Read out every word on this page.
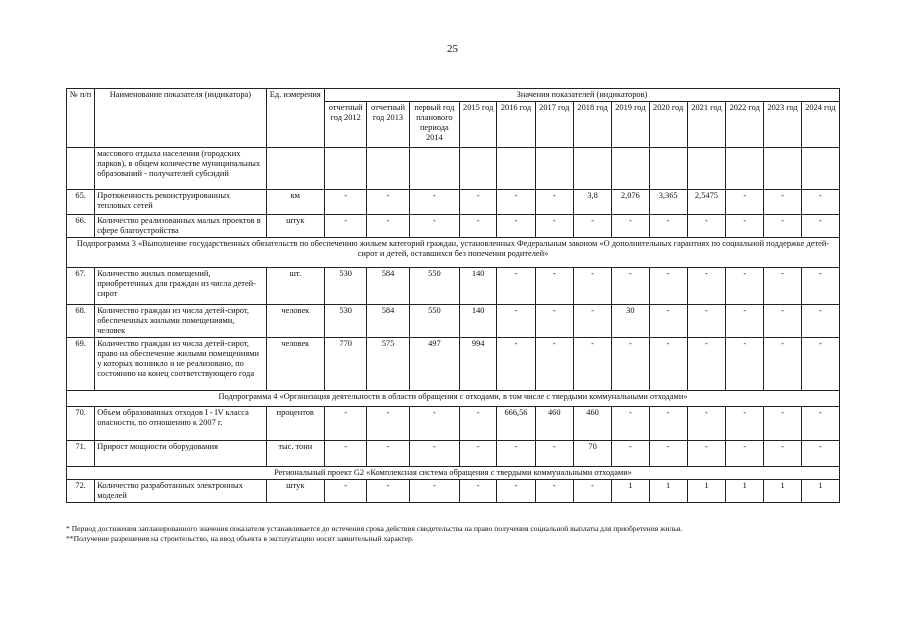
25
№ п/п	Наименование показателя (индикатора)	Ед. измерения	Значения показателей (индикаторов)												
			отчетный год 2012	отчетный год 2013	первый год планового периода 2014	2015 год	2016 год	2017 год	2018 год	2019 год	2020 год	2021 год	2022 год	2023 год	2024 год
	массового отдыха населения (городских парков), в общем количестве муниципальных образований - получателей субсидий														
65.	Протяженность реконструированных тепловых сетей	км	-	-	-	-	-	-	3,8	2,076	3,365	2,5475	-	-	-
66.	Количество реализованных малых проектов в сфере благоустройства	штук	-	-	-	-	-	-	-	-	-	-	-	-	-
Подпрограмма 3 «Выполнение государственных обязательств по обеспечению жильем категорий граждан, установленных Федеральным законом «О дополнительных гарантиях по социальной поддержке детей-сирот и детей, оставшихся без попечения родителей»															
67.	Количество жилых помещений, приобретенных для граждан из числа детей-сирот	шт.	530	584	550	140	-	-	-	-	-	-	-	-	-
68.	Количество граждан из числа детей-сирот, обеспеченных жилыми помещениями, человек	человек	530	584	550	140	-	-	-	30	-	-	-	-	-
69.	Количество граждан из числа детей-сирот, право на обеспечение жилыми помещениями у которых возникло и не реализовано, по состоянию на конец соответствующего года	человек	770	575	497	994	-	-	-	-	-	-	-	-	-
Подпрограмма 4 «Организация деятельности в области обращения с отходами, в том числе с твердыми коммунальными отходами»															
70.	Объем образованных отходов I - IV класса опасности, по отношению к 2007 г.	процентов	-	-	-	-	666,56	460	460	-	-	-	-	-	-
71.	Прирост мощности оборудования	тыс. тонн	-	-	-	-	-	-	70	-	-	-	-	-	-
Региональный проект G2 «Комплексная система обращения с твердыми коммунальными отходами»															
72.	Количество разработанных электронных моделей	штук	-	-	-	-	-	-	-	1	1	1	1	1	1
* Период достижения запланированного значения показателя устанавливается до истечения срока действия свидетельства на право получения социальной выплаты для приобретения жилья.
**Получение разрешения на строительство, на ввод объекта в эксплуатацию носит заявительный характер.
